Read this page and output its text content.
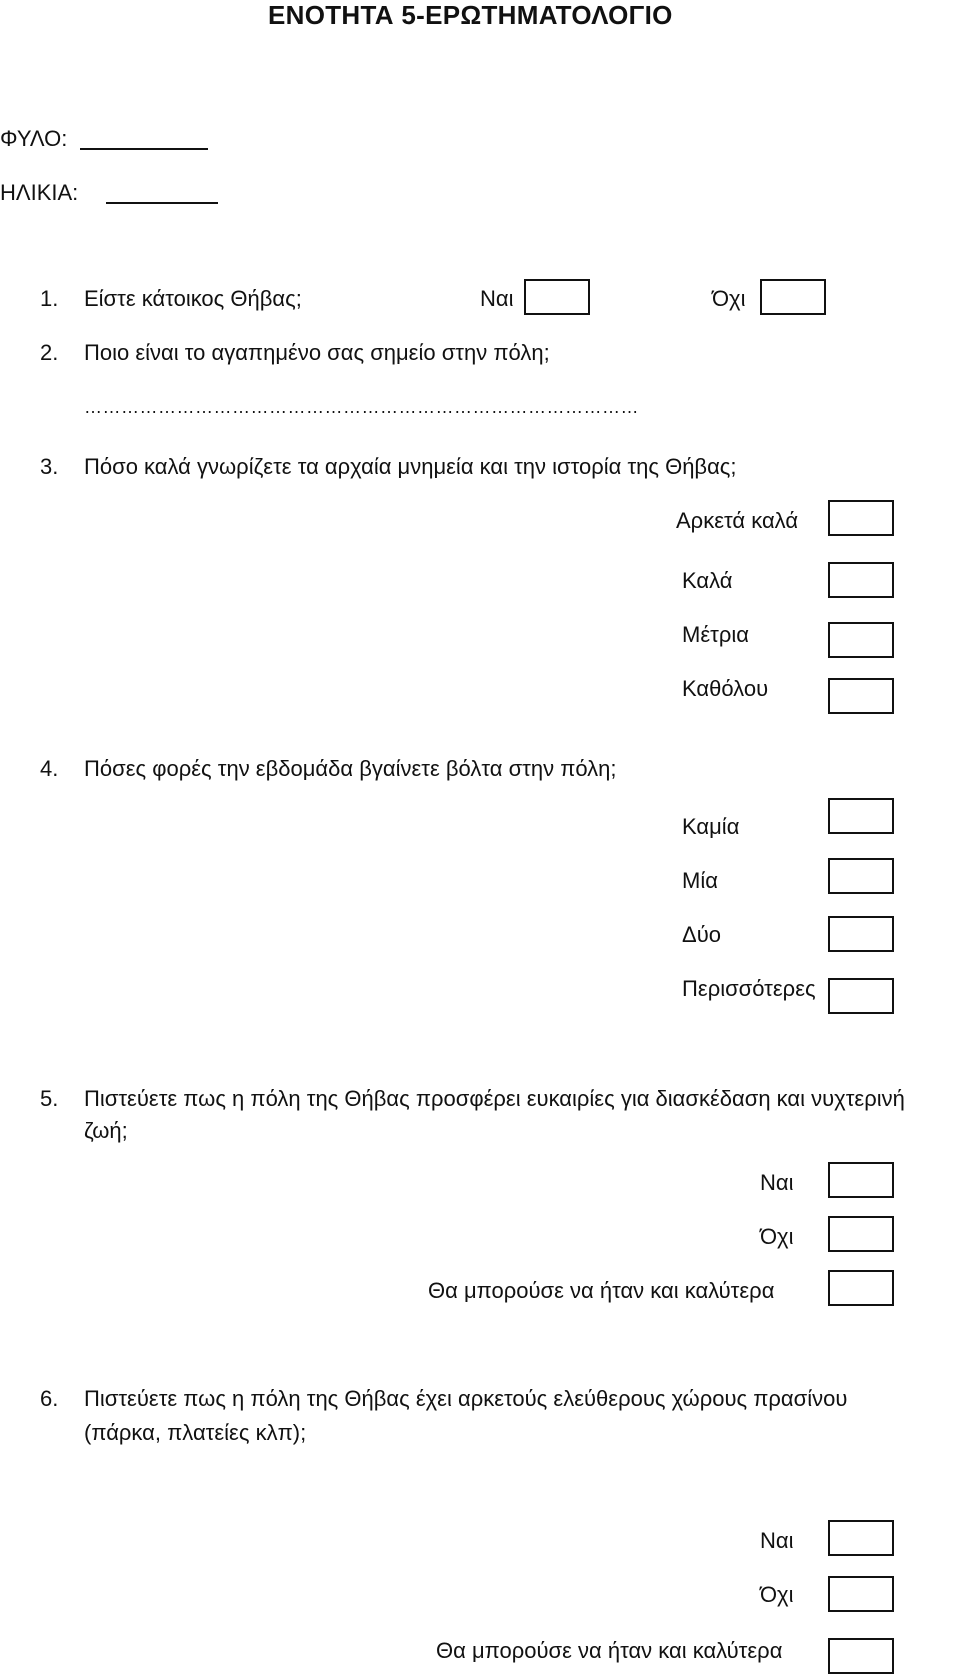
ΕΝΟΤΗΤΑ 5-ΕΡΩΤΗΜΑΤΟΛΟΓΙΟ
ΦΥΛΟ:
ΗΛΙΚΙΑ:
1. Είστε κάτοικος Θήβας;	Ναι	Όχι
2. Ποιο είναι το αγαπημένο σας σημείο στην πόλη;
………………………………………………………………………………
3. Πόσο καλά γνωρίζετε τα αρχαία μνημεία και την ιστορία της Θήβας;
Αρκετά καλά
Καλά
Μέτρια
Καθόλου
4. Πόσες φορές την εβδομάδα βγαίνετε βόλτα στην πόλη;
Καμία
Μία
Δύο
Περισσότερες
5. Πιστεύετε πως η πόλη της Θήβας προσφέρει ευκαιρίες για διασκέδαση και νυχτερινή
ζωή;
Ναι
Όχι
Θα μπορούσε να ήταν και καλύτερα
6. Πιστεύετε πως η πόλη της Θήβας έχει αρκετούς ελεύθερους χώρους πρασίνου
(πάρκα, πλατείες κλπ);
Ναι
Όχι
Θα μπορούσε να ήταν και καλύτερα
